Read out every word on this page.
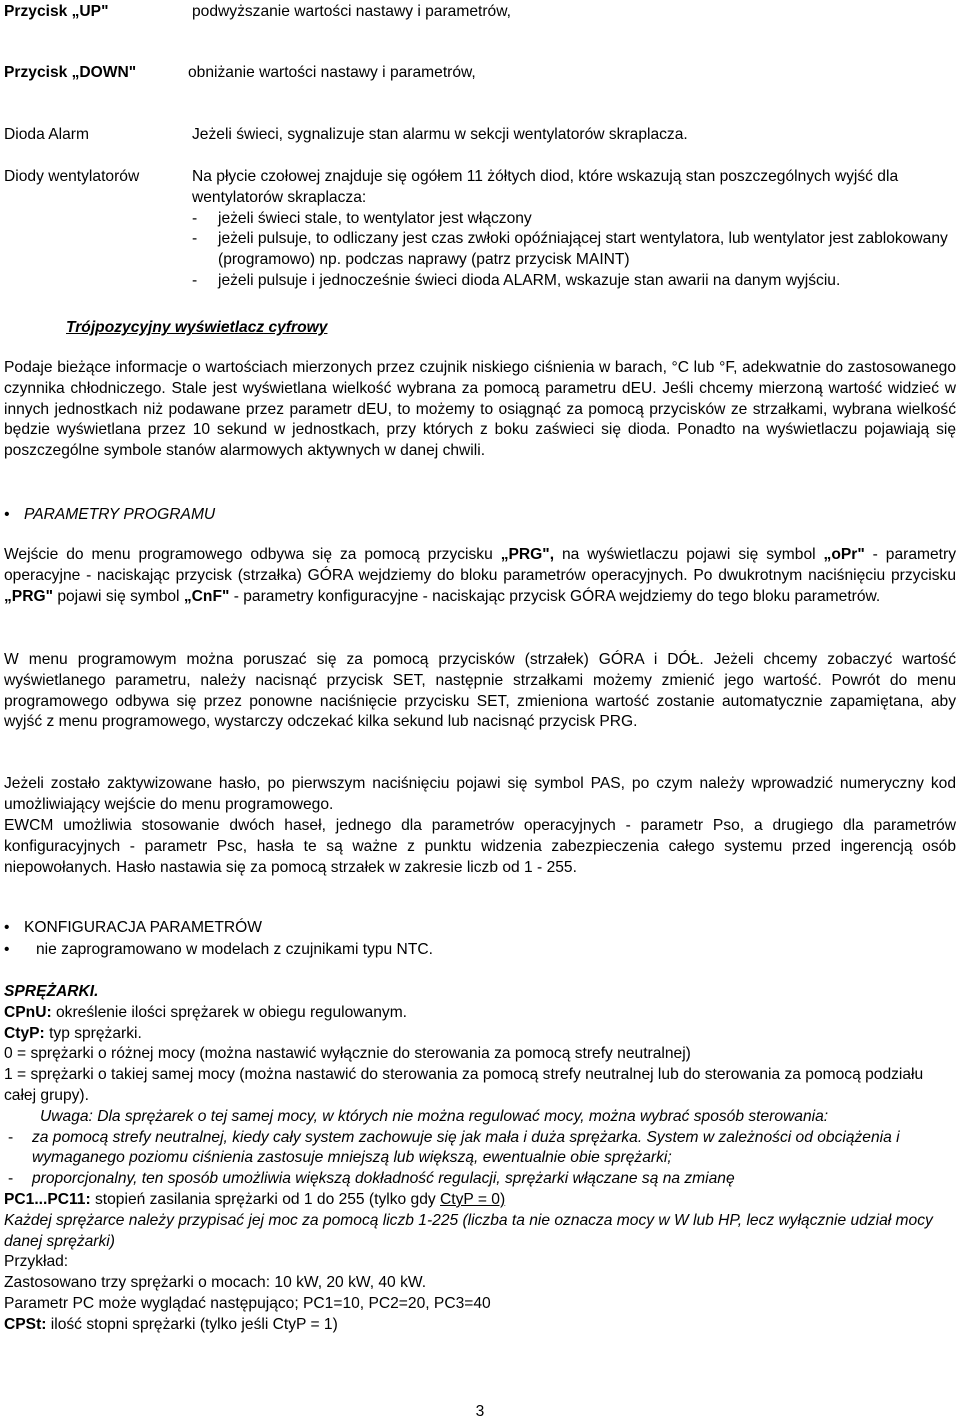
Przycisk „UP"	podwyższanie wartości nastawy i parametrów,
Przycisk „DOWN"	obniżanie wartości nastawy i parametrów,
Dioda Alarm	Jeżeli świeci, sygnalizuje stan alarmu w sekcji wentylatorów skraplacza.
Diody wentylatorów	Na płycie czołowej znajduje się ogółem 11 żółtych diod, które wskazują stan poszczególnych wyjść dla wentylatorów skraplacza:

- jeżeli świeci stale, to wentylator jest włączony

- jeżeli pulsuje, to odliczany jest czas zwłoki opóźniającej start wentylatora, lub wentylator jest zablokowany (programowo) np. podczas naprawy (patrz przycisk MAINT)

- jeżeli pulsuje i jednocześnie świeci dioda ALARM, wskazuje stan awarii na danym wyjściu.

Trójpozycyjny wyświetlacz cyfrowy
Podaje bieżące informacje o wartościach mierzonych przez czujnik niskiego ciśnienia w barach, °C lub °F, adekwatnie do zastosowanego czynnika chłodniczego. Stale jest wyświetlana wielkość wybrana za pomocą parametru dEU. Jeśli chcemy mierzoną wartość widzieć w innych jednostkach niż podawane przez parametr dEU, to możemy to osiągnąć za pomocą przycisków ze strzałkami, wybrana wielkość będzie wyświetlana przez 10 sekund w jednostkach, przy których z boku zaświeci się dioda. Ponadto na wyświetlaczu pojawiają się poszczególne symbole stanów alarmowych aktywnych w danej chwili.
• PARAMETRY PROGRAMU
Wejście do menu programowego odbywa się za pomocą przycisku „PRG", na wyświetlaczu pojawi się symbol „oPr" - parametry operacyjne - naciskając przycisk (strzałka) GÓRA wejdziemy do bloku parametrów operacyjnych. Po dwukrotnym naciśnięciu przycisku „PRG" pojawi się symbol „CnF" - parametry konfiguracyjne - naciskając przycisk GÓRA wejdziemy do tego bloku parametrów.
W menu programowym można poruszać się za pomocą przycisków (strzałek) GÓRA i DÓŁ. Jeżeli chcemy zobaczyć wartość wyświetlanego parametru, należy nacisnąć przycisk SET, następnie strzałkami możemy zmienić jego wartość. Powrót do menu programowego odbywa się przez ponowne naciśnięcie przycisku SET, zmieniona wartość zostanie automatycznie zapamiętana, aby wyjść z menu programowego, wystarczy odczekać kilka sekund lub nacisnąć przycisk PRG.
Jeżeli zostało zaktywizowane hasło, po pierwszym naciśnięciu pojawi się symbol PAS, po czym należy wprowadzić numeryczny kod umożliwiający wejście do menu programowego.
EWCM umożliwia stosowanie dwóch haseł, jednego dla parametrów operacyjnych - parametr Pso, a drugiego dla parametrów konfiguracyjnych - parametr Psc, hasła te są ważne z punktu widzenia zabezpieczenia całego systemu przed ingerencją osób niepowołanych. Hasło nastawia się za pomocą strzałek w zakresie liczb od 1 - 255.
• KONFIGURACJA PARAMETRÓW
• nie zaprogramowano w modelach z czujnikami typu NTC.

SPRĘŻARKI.

CPnU: określenie ilości sprężarek w obiegu regulowanym.

CtyP: typ sprężarki.

0 = sprężarki o różnej mocy (można nastawić wyłącznie do sterowania za pomocą strefy neutralnej)

1 = sprężarki o takiej samej mocy (można nastawić do sterowania za pomocą strefy neutralnej lub do sterowania za pomocą podziału całej grupy).

Uwaga: Dla sprężarek o tej samej mocy, w których nie można regulować mocy, można wybrać sposób sterowania:

- za pomocą strefy neutralnej, kiedy cały system zachowuje się jak mała i duża sprężarka. System w zależności od obciążenia i wymaganego poziomu ciśnienia zastosuje mniejszą lub większą, ewentualnie obie sprężarki;

- proporcjonalny, ten sposób umożliwia większą dokładność regulacji, sprężarki włączane są na zmianę

PC1...PC11: stopień zasilania sprężarki od 1 do 255 (tylko gdy CtyP = 0)

Każdej sprężarce należy przypisać jej moc za pomocą liczb 1-225 (liczba ta nie oznacza mocy w W lub HP, lecz wyłącznie udział mocy danej sprężarki)

Przykład:

Zastosowano trzy sprężarki o mocach: 10 kW, 20 kW, 40 kW.

Parametr PC może wyglądać następująco; PC1=10, PC2=20, PC3=40

CPSt: ilość stopni sprężarki (tylko jeśli CtyP = 1)

3
